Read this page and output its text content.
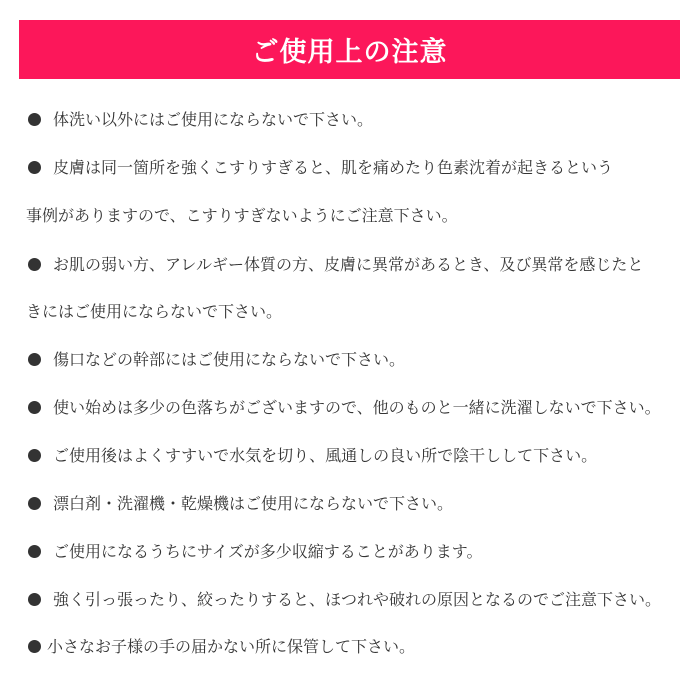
ご使用上の注意
体洗い以外にはご使用にならないで下さい。
皮膚は同一箇所を強くこすりすぎると、肌を痛めたり色素沈着が起きるという
事例がありますので、こすりすぎないようにご注意下さい。
お肌の弱い方、アレルギー体質の方、皮膚に異常があるとき、及び異常を感じたと
きにはご使用にならないで下さい。
傷口などの幹部にはご使用にならないで下さい。
使い始めは多少の色落ちがございますので、他のものと一緒に洗濯しないで下さい。
ご使用後はよくすすいで水気を切り、風通しの良い所で陰干しして下さい。
漂白剤・洗濯機・乾燥機はご使用にならないで下さい。
ご使用になるうちにサイズが多少収縮することがあります。
強く引っ張ったり、絞ったりすると、ほつれや破れの原因となるのでご注意下さい。
小さなお子様の手の届かない所に保管して下さい。
